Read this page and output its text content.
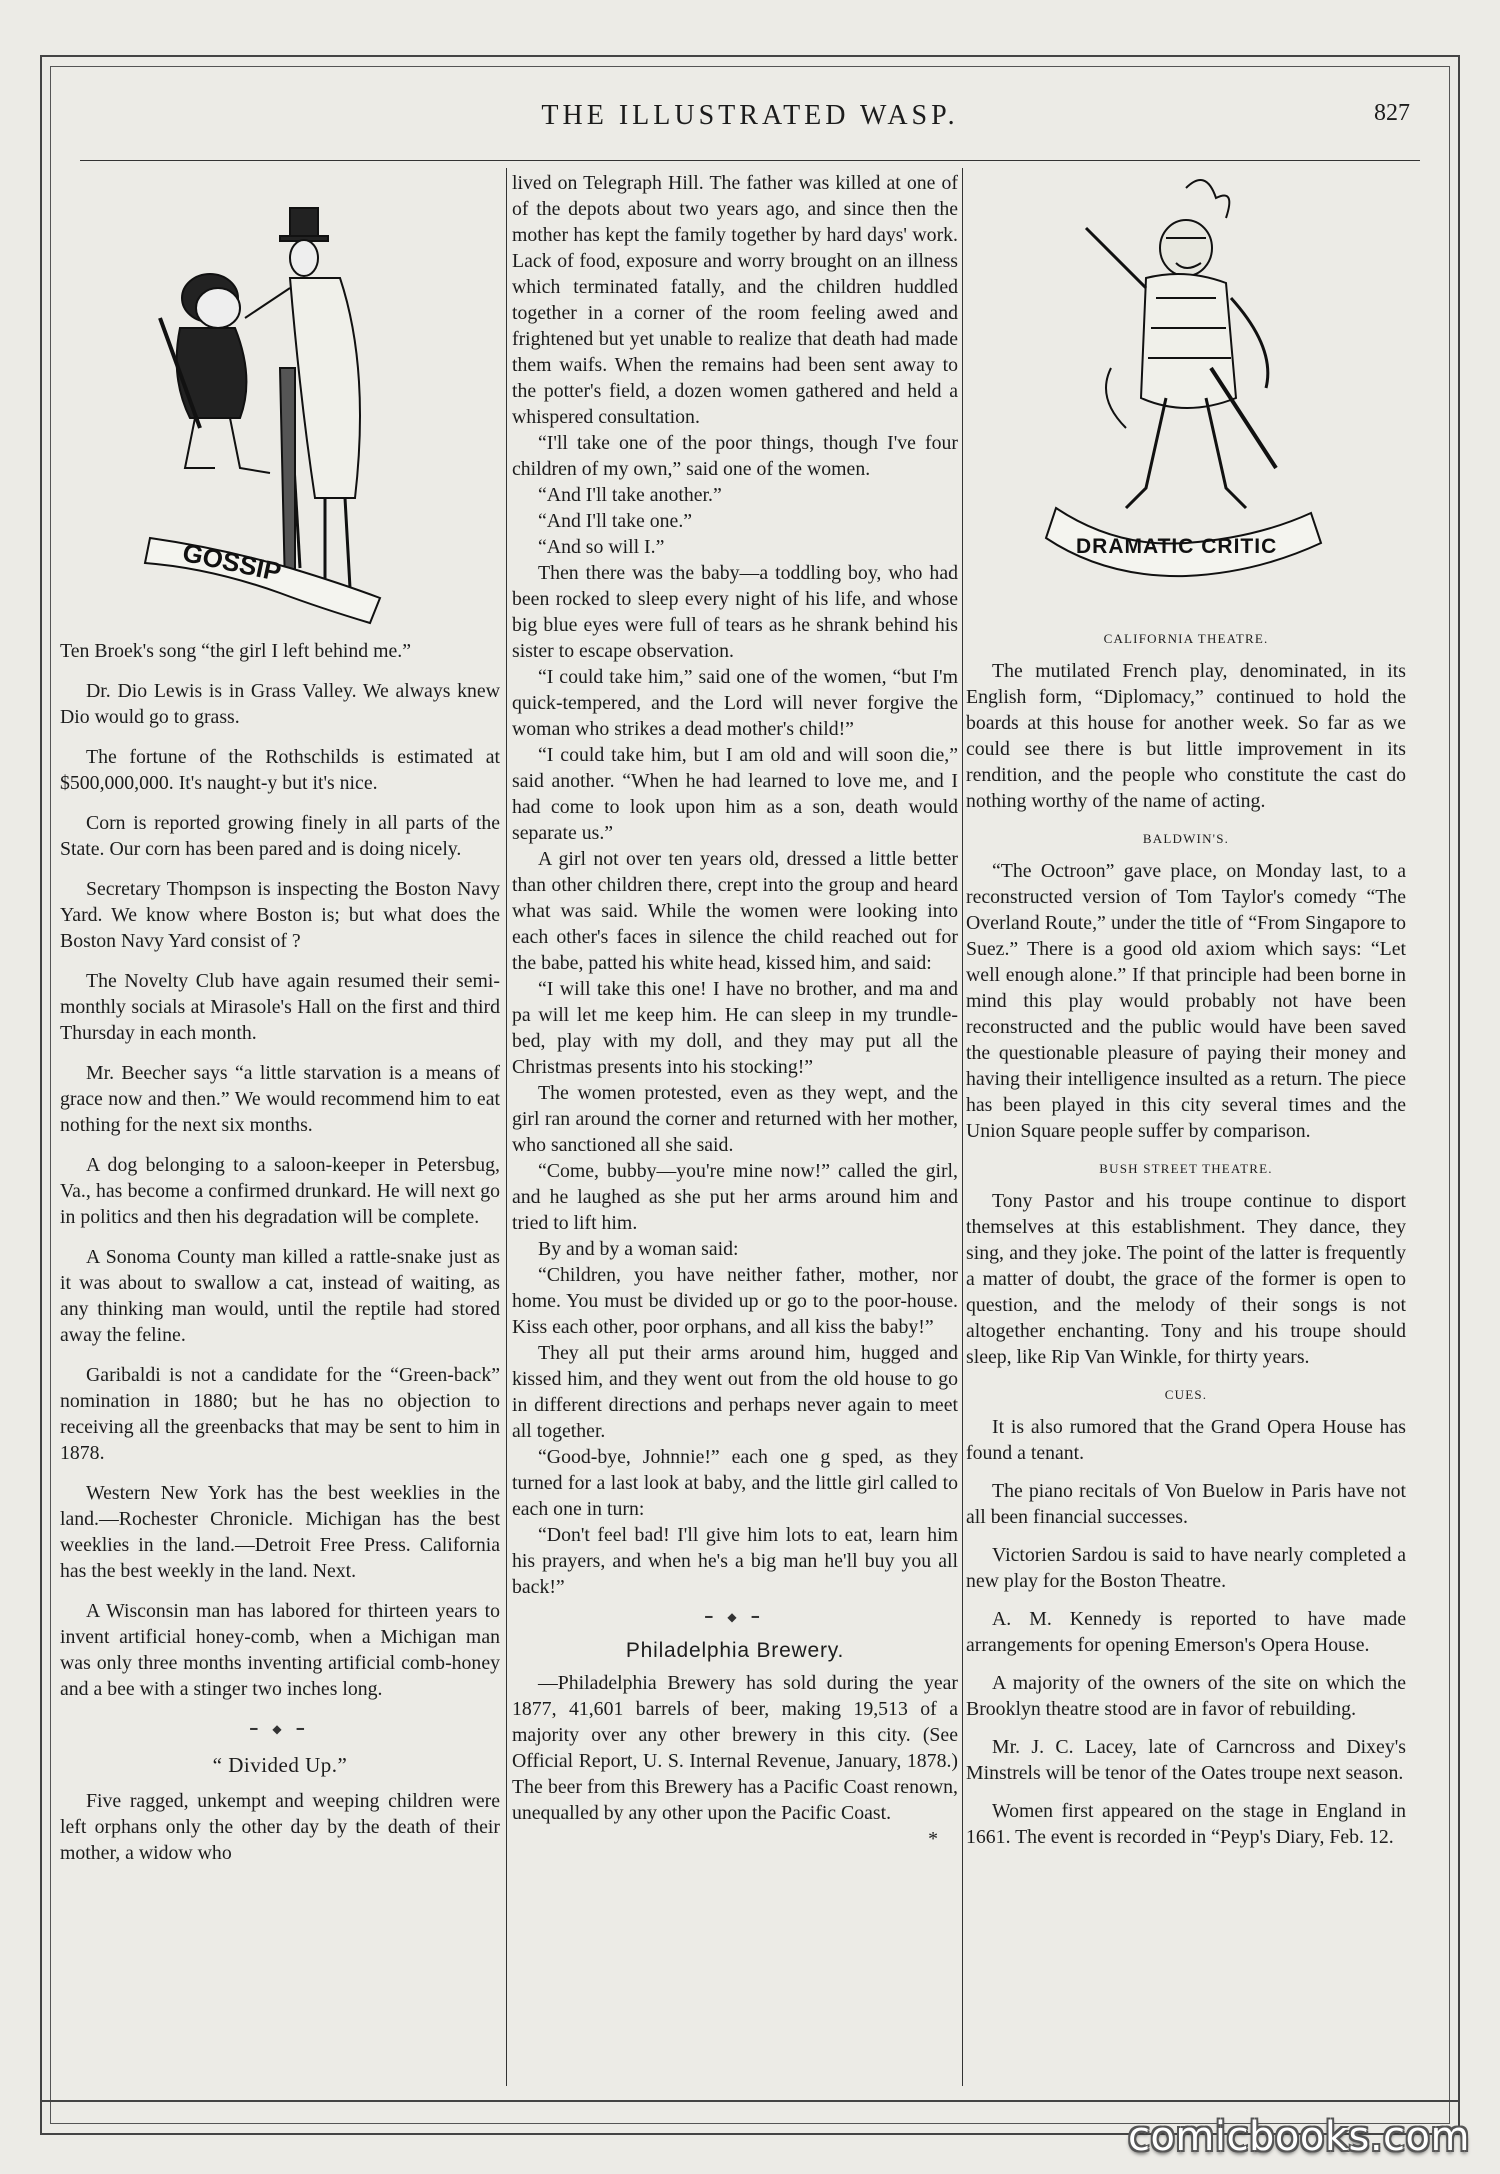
THE ILLUSTRATED WASP.	827
GOSSIP

Ten Broek's song “the girl I left behind me.”

Dr. Dio Lewis is in Grass Valley. We always knew Dio would go to grass.

The fortune of the Rothschilds is estimated at $500,000,000. It's naught-y but it's nice.

Corn is reported growing finely in all parts of the State. Our corn has been pared and is doing nicely.

Secretary Thompson is inspecting the Boston Navy Yard. We know where Boston is; but what does the Boston Navy Yard consist of ?

The Novelty Club have again resumed their semi-monthly socials at Mirasole's Hall on the first and third Thursday in each month.

Mr. Beecher says “a little starvation is a means of grace now and then.” We would recommend him to eat nothing for the next six months.

A dog belonging to a saloon-keeper in Petersbug, Va., has become a confirmed drunkard. He will next go in politics and then his degradation will be complete.

A Sonoma County man killed a rattle-snake just as it was about to swallow a cat, instead of waiting, as any thinking man would, until the reptile had stored away the feline.

Garibaldi is not a candidate for the “Green-back” nomination in 1880; but he has no objection to receiving all the greenbacks that may be sent to him in 1878.

Western New York has the best weeklies in the land.—Rochester Chronicle. Michigan has the best weeklies in the land.—Detroit Free Press. California has the best weekly in the land. Next.

A Wisconsin man has labored for thirteen years to invent artificial honey-comb, when a Michigan man was only three months inventing artificial comb-honey and a bee with a stinger two inches long.

━ ◆ ━
“ Divided Up.”

Five ragged, unkempt and weeping children were left orphans only the other day by the death of their mother, a widow who

lived on Telegraph Hill. The father was killed at one of of the depots about two years ago, and since then the mother has kept the family together by hard days' work. Lack of food, exposure and worry brought on an illness which terminated fatally, and the children huddled together in a corner of the room feeling awed and frightened but yet unable to realize that death had made them waifs. When the remains had been sent away to the potter's field, a dozen women gathered and held a whispered consultation.

“I'll take one of the poor things, though I've four children of my own,” said one of the women.

“And I'll take another.”

“And I'll take one.”

“And so will I.”

Then there was the baby—a toddling boy, who had been rocked to sleep every night of his life, and whose big blue eyes were full of tears as he shrank behind his sister to escape observation.

“I could take him,” said one of the women, “but I'm quick-tempered, and the Lord will never forgive the woman who strikes a dead mother's child!”

“I could take him, but I am old and will soon die,” said another. “When he had learned to love me, and I had come to look upon him as a son, death would separate us.”

A girl not over ten years old, dressed a little better than other children there, crept into the group and heard what was said. While the women were looking into each other's faces in silence the child reached out for the babe, patted his white head, kissed him, and said:

“I will take this one! I have no brother, and ma and pa will let me keep him. He can sleep in my trundle-bed, play with my doll, and they may put all the Christmas presents into his stocking!”

The women protested, even as they wept, and the girl ran around the corner and returned with her mother, who sanctioned all she said.

“Come, bubby—you're mine now!” called the girl, and he laughed as she put her arms around him and tried to lift him.

By and by a woman said:

“Children, you have neither father, mother, nor home. You must be divided up or go to the poor-house. Kiss each other, poor orphans, and all kiss the baby!”

They all put their arms around him, hugged and kissed him, and they went out from the old house to go in different directions and perhaps never again to meet all together.

“Good-bye, Johnnie!” each one g sped, as they turned for a last look at baby, and the little girl called to each one in turn:

“Don't feel bad! I'll give him lots to eat, learn him his prayers, and when he's a big man he'll buy you all back!”

━ ◆ ━
Philadelphia Brewery.

—Philadelphia Brewery has sold during the year 1877, 41,601 barrels of beer, making 19,513 of a majority over any other brewery in this city. (See Official Report, U. S. Internal Revenue, January, 1878.) The beer from this Brewery has a Pacific Coast renown, unequalled by any other upon the Pacific Coast.

*
DRAMATIC CRITIC
CALIFORNIA THEATRE.

The mutilated French play, denominated, in its English form, “Diplomacy,” continued to hold the boards at this house for another week. So far as we could see there is but little improvement in its rendition, and the people who constitute the cast do nothing worthy of the name of acting.

BALDWIN'S.

“The Octroon” gave place, on Monday last, to a reconstructed version of Tom Taylor's comedy “The Overland Route,” under the title of “From Singapore to Suez.” There is a good old axiom which says: “Let well enough alone.” If that principle had been borne in mind this play would probably not have been reconstructed and the public would have been saved the questionable pleasure of paying their money and having their intelligence insulted as a return. The piece has been played in this city several times and the Union Square people suffer by comparison.

BUSH STREET THEATRE.

Tony Pastor and his troupe continue to disport themselves at this establishment. They dance, they sing, and they joke. The point of the latter is frequently a matter of doubt, the grace of the former is open to question, and the melody of their songs is not altogether enchanting. Tony and his troupe should sleep, like Rip Van Winkle, for thirty years.

CUES.

It is also rumored that the Grand Opera House has found a tenant.

The piano recitals of Von Buelow in Paris have not all been financial successes.

Victorien Sardou is said to have nearly completed a new play for the Boston Theatre.

A. M. Kennedy is reported to have made arrangements for opening Emerson's Opera House.

A majority of the owners of the site on which the Brooklyn theatre stood are in favor of rebuilding.

Mr. J. C. Lacey, late of Carncross and Dixey's Minstrels will be tenor of the Oates troupe next season.

Women first appeared on the stage in England in 1661. The event is recorded in “Peyp's Diary, Feb. 12.

comicbooks.com
